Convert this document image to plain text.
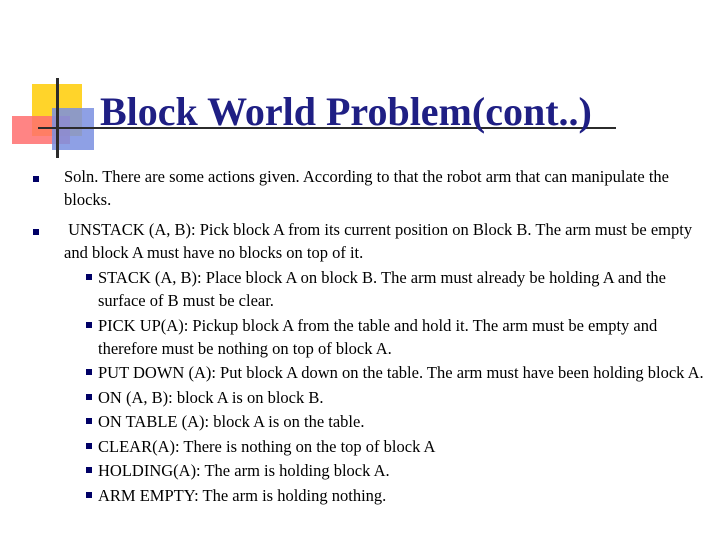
Block World Problem(cont..)
Soln. There are some actions given. According to that the robot arm that can manipulate the blocks.
UNSTACK (A, B): Pick block A from its current position on Block B. The arm must be empty and block A must have no blocks on top of it.
STACK (A, B): Place block A on block B. The arm must already be holding A and the surface of B must be clear.
PICK UP(A): Pickup block A from the table and hold it. The arm must be empty and therefore must be nothing on top of block A.
PUT DOWN (A): Put block A down on the table. The arm must have been holding block A.
ON (A, B): block A is on block B.
ON TABLE (A): block A is on the table.
CLEAR(A): There is nothing on the top of block A
HOLDING(A): The arm is holding block A.
ARM EMPTY: The arm is holding nothing.
